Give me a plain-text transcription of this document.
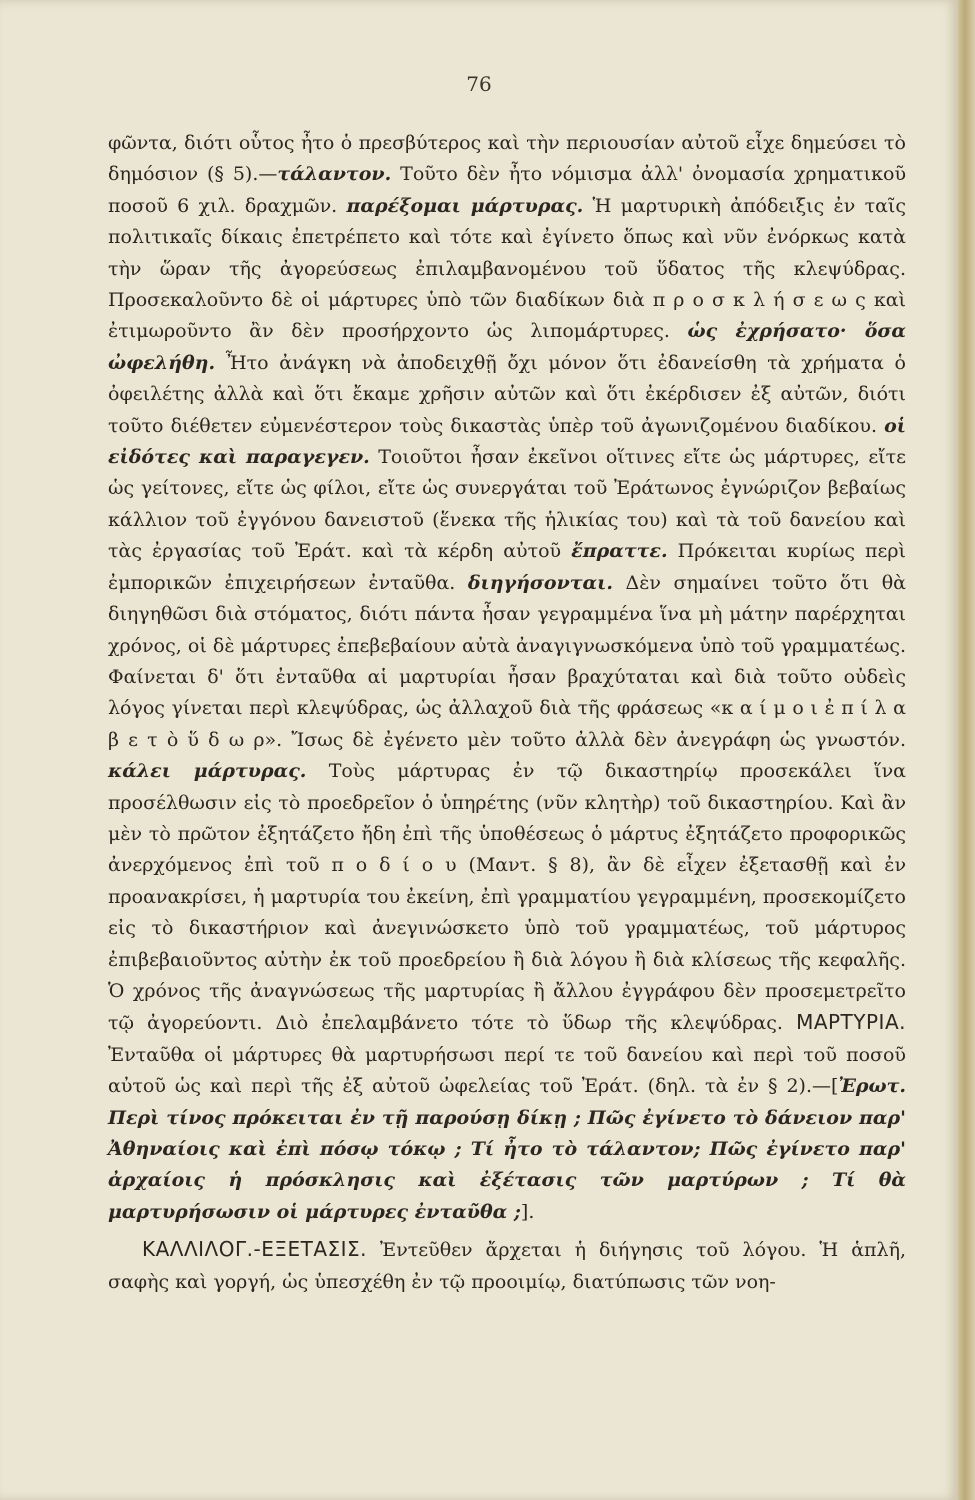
76

φῶντα, διότι οὗτος ἦτο ὁ πρεσβύτερος καὶ τὴν περιουσίαν αὐτοῦ εἶχε δημεύσει τὸ δημόσιον (§ 5).—τάλαντον. Τοῦτο δὲν ἦτο νόμισμα ἀλλ' ὀνομασία χρηματικοῦ ποσοῦ 6 χιλ. δραχμῶν. παρέξομαι μάρτυρας. Ἡ μαρτυρικὴ ἀπόδειξις ἐν ταῖς πολιτικαῖς δίκαις ἐπετρέπετο καὶ τότε καὶ ἐγίνετο ὅπως καὶ νῦν ἐνόρκως κατὰ τὴν ὥραν τῆς ἀγορεύσεως ἐπιλαμβανομένου τοῦ ὕδατος τῆς κλεψύδρας. Προσεκαλοῦντο δὲ οἱ μάρτυρες ὑπὸ τῶν διαδίκων διὰ π ρ ο σ κ λ ή σ ε ω ς καὶ ἐτιμωροῦντο ἂν δὲν προσήρχοντο ὡς λιπομάρτυρες. ὡς ἐχρήσατο· ὅσα ὠφελήθη. Ἦτο ἀνάγκη νὰ ἀποδειχθῇ ὄχι μόνον ὅτι ἐδανείσθη τὰ χρήματα ὁ ὀφειλέτης ἀλλὰ καὶ ὅτι ἔκαμε χρῆσιν αὐτῶν καὶ ὅτι ἐκέρδισεν ἐξ αὐτῶν, διότι τοῦτο διέθετεν εὐμενέστερον τοὺς δικαστὰς ὑπὲρ τοῦ ἀγωνιζομένου διαδίκου. οἱ εἰδότες καὶ παραγεγεν. Τοιοῦτοι ἦσαν ἐκεῖνοι οἵτινες εἴτε ὡς μάρτυρες, εἴτε ὡς γείτονες, εἴτε ὡς φίλοι, εἴτε ὡς συνεργάται τοῦ Ἐράτωνος ἐγνώριζον βεβαίως κάλλιον τοῦ ἐγγόνου δανειστοῦ (ἕνεκα τῆς ἡλικίας του) καὶ τὰ τοῦ δανείου καὶ τὰς ἐργασίας τοῦ Ἐράτ. καὶ τὰ κέρδη αὐτοῦ ἔπραττε. Πρόκειται κυρίως περὶ ἐμπορικῶν ἐπιχειρήσεων ἐνταῦθα. διηγήσονται. Δὲν σημαίνει τοῦτο ὅτι θὰ διηγηθῶσι διὰ στόματος, διότι πάντα ἦσαν γεγραμμένα ἵνα μὴ μάτην παρέρχηται χρόνος, οἱ δὲ μάρτυρες ἐπεβεβαίουν αὐτὰ ἀναγιγνωσκόμενα ὑπὸ τοῦ γραμματέως. Φαίνεται δ' ὅτι ἐνταῦθα αἱ μαρτυρίαι ἦσαν βραχύταται καὶ διὰ τοῦτο οὐδεὶς λόγος γίνεται περὶ κλεψύδρας, ὡς ἀλλαχοῦ διὰ τῆς φράσεως «κ α ί μ ο ι ἐ π ί λ α β ε τ ὸ ὕ δ ω ρ». Ἴσως δὲ ἐγένετο μὲν τοῦτο ἀλλὰ δὲν ἀνεγράφη ὡς γνωστόν. κάλει μάρτυρας. Τοὺς μάρτυρας ἐν τῷ δικαστηρίῳ προσεκάλει ἵνα προσέλθωσιν εἰς τὸ προεδρεῖον ὁ ὑπηρέτης (νῦν κλητὴρ) τοῦ δικαστηρίου. Καὶ ἂν μὲν τὸ πρῶτον ἐξητάζετο ἤδη ἐπὶ τῆς ὑποθέσεως ὁ μάρτυς ἐξητάζετο προφορικῶς ἀνερχόμενος ἐπὶ τοῦ π ο δ ί ο υ (Μαντ. § 8), ἂν δὲ εἶχεν ἐξετασθῇ καὶ ἐν προανακρίσει, ἡ μαρτυρία του ἐκείνη, ἐπὶ γραμματίου γεγραμμένη, προσεκομίζετο εἰς τὸ δικαστήριον καὶ ἀνεγινώσκετο ὑπὸ τοῦ γραμματέως, τοῦ μάρτυρος ἐπιβεβαιοῦντος αὐτὴν ἐκ τοῦ προεδρείου ἢ διὰ λόγου ἢ διὰ κλίσεως τῆς κεφαλῆς. Ὁ χρόνος τῆς ἀναγνώσεως τῆς μαρτυρίας ἢ ἄλλου ἐγγράφου δὲν προσεμετρεῖτο τῷ ἀγορεύοντι. Διὸ ἐπελαμβάνετο τότε τὸ ὕδωρ τῆς κλεψύδρας. ΜΑΡΤΥΡΙΑ. Ἐνταῦθα οἱ μάρτυρες θὰ μαρτυρήσωσι περί τε τοῦ δανείου καὶ περὶ τοῦ ποσοῦ αὐτοῦ ὡς καὶ περὶ τῆς ἐξ αὐτοῦ ὠφελείας τοῦ Ἐράτ. (δηλ. τὰ ἐν § 2).—[Ἐρωτ. Περὶ τίνος πρόκειται ἐν τῇ παρούσῃ δίκῃ ; Πῶς ἐγίνετο τὸ δάνειον παρ' Ἀθηναίοις καὶ ἐπὶ πόσῳ τόκῳ ; Τί ἦτο τὸ τάλαντον; Πῶς ἐγίνετο παρ' ἀρχαίοις ἡ πρόσκλησις καὶ ἐξέτασις τῶν μαρτύρων ; Τί θὰ μαρτυρήσωσιν οἱ μάρτυρες ἐνταῦθα ;].

ΚΑΛΛΙΛΟΓ.-ΕΞΕΤΑΣΙΣ. Ἐντεῦθεν ἄρχεται ἡ διήγησις τοῦ λόγου. Ἡ ἁπλῆ, σαφὴς καὶ γοργή, ὡς ὑπεσχέθη ἐν τῷ προοιμίῳ, διατύπωσις τῶν νοη-
